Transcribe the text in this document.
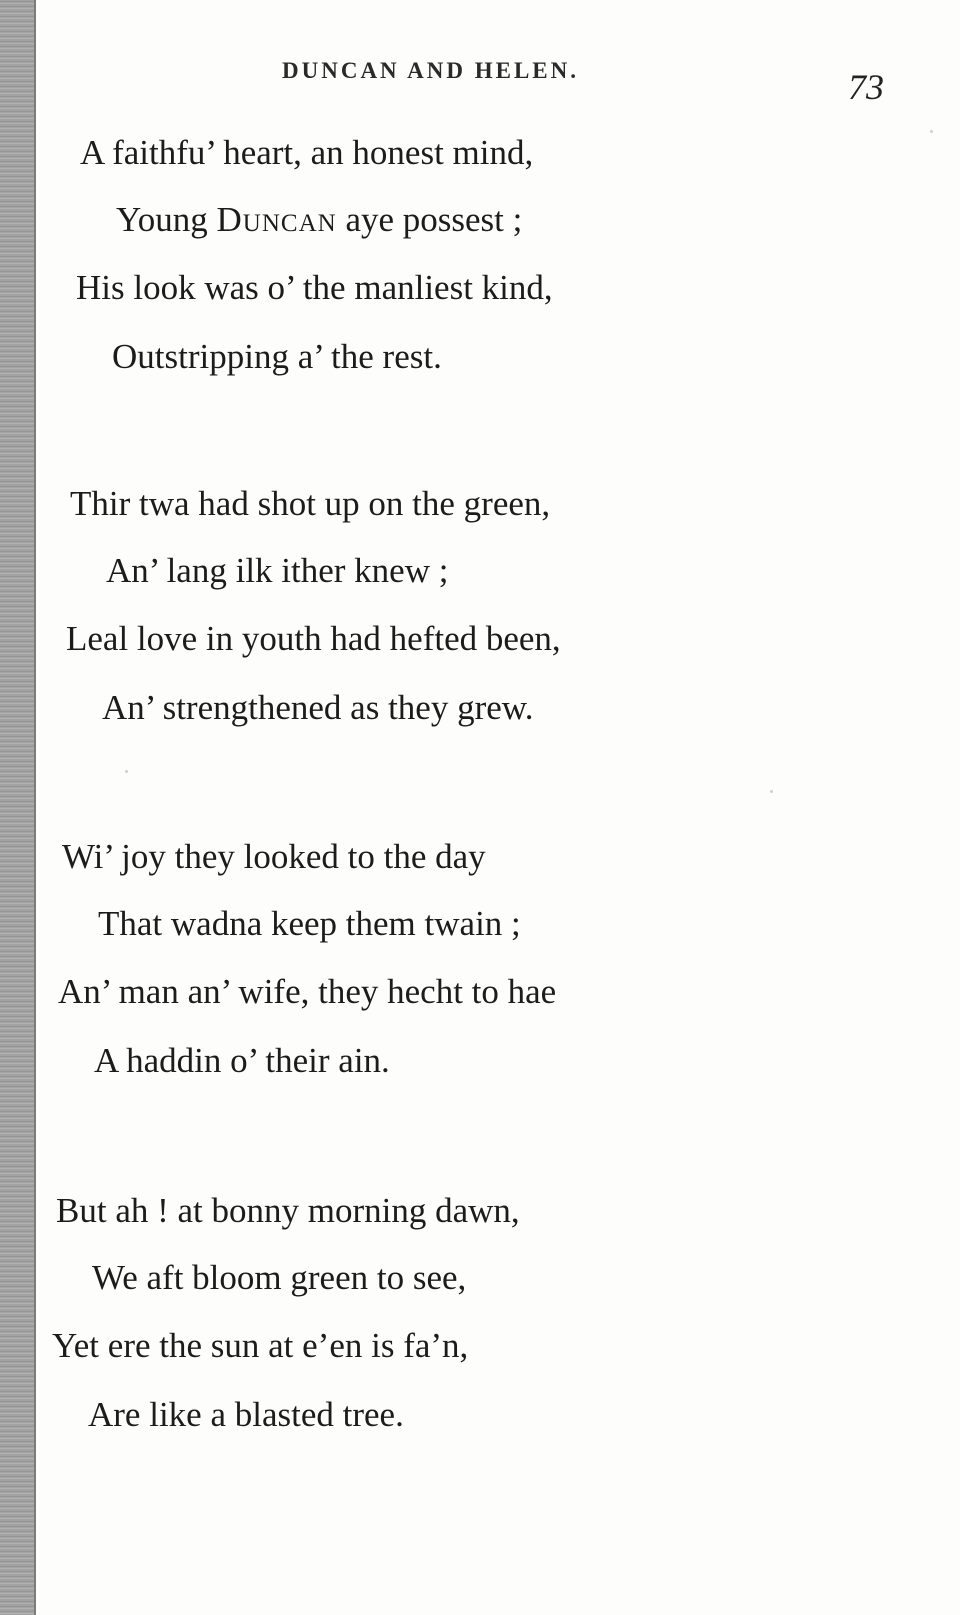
DUNCAN AND HELEN.	73
A faithfu’ heart, an honest mind,
Young Duncan aye possest ;
His look was o’ the manliest kind,
Outstripping a’ the rest.
Thir twa had shot up on the green,
An’ lang ilk ither knew ;
Leal love in youth had hefted been,
An’ strengthened as they grew.
Wi’ joy they looked to the day
That wadna keep them twain ;
An’ man an’ wife, they hecht to hae
A haddin o’ their ain.
But ah ! at bonny morning dawn,
We aft bloom green to see,
Yet ere the sun at e’en is fa’n,
Are like a blasted tree.
